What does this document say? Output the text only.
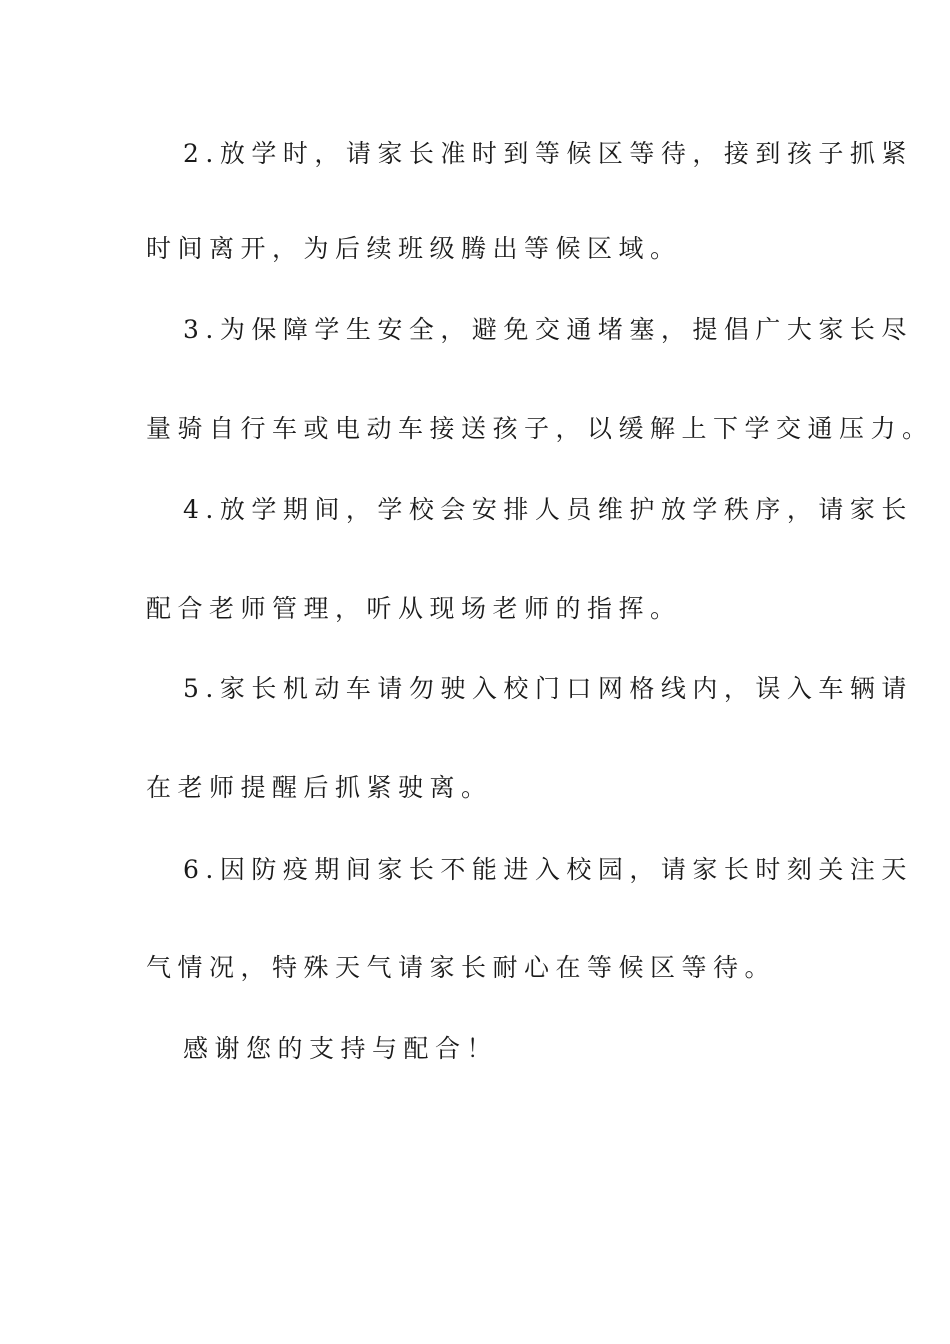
2.放学时，请家长准时到等候区等待，接到孩子抓紧
时间离开，为后续班级腾出等候区域。
3.为保障学生安全，避免交通堵塞，提倡广大家长尽
量骑自行车或电动车接送孩子，以缓解上下学交通压力。
4.放学期间，学校会安排人员维护放学秩序，请家长
配合老师管理，听从现场老师的指挥。
5.家长机动车请勿驶入校门口网格线内，误入车辆请
在老师提醒后抓紧驶离。
6.因防疫期间家长不能进入校园，请家长时刻关注天
气情况，特殊天气请家长耐心在等候区等待。
感谢您的支持与配合！
